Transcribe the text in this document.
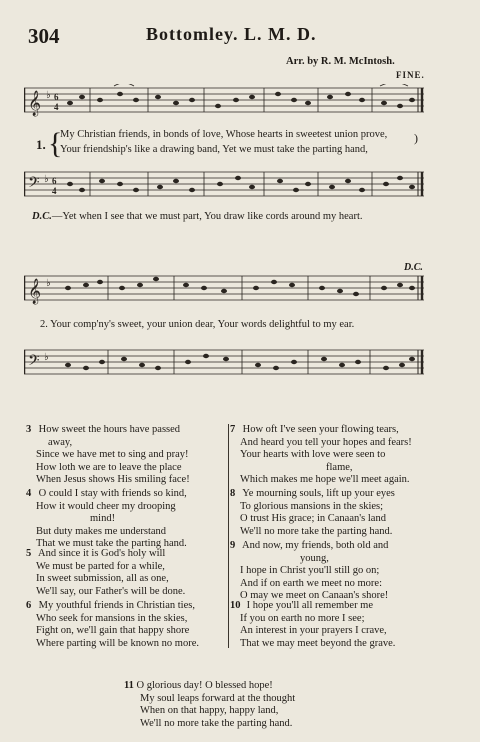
304	Bottomley. L. M. D.
Arr. by R. M. McIntosh.
FINE.
𝄞 ♭ 6
4
1. {
My Christian friends, in bonds of love, Whose hearts in sweetest union prove,
Your friendship's like a drawing band, Yet we must take the parting hand,
)
𝄢 ♭ 6
4
D.C.—Yet when I see that we must part, You draw like cords around my heart.
D.C.
𝄞 ♭
2. Your comp'ny's sweet, your union dear, Your words delightful to my ear.
𝄢 ♭
3 How sweet the hours have passed
away,
Since we have met to sing and pray!
How loth we are to leave the place
When Jesus shows His smiling face!
4 O could I stay with friends so kind,
How it would cheer my drooping
mind!
But duty makes me understand
That we must take the parting hand.
5 And since it is God's holy will
We must be parted for a while,
In sweet submission, all as one,
We'll say, our Father's will be done.
6 My youthful friends in Christian ties,
Who seek for mansions in the skies,
Fight on, we'll gain that happy shore
Where parting will be known no more.
7 How oft I've seen your flowing tears,
And heard you tell your hopes and fears!
Your hearts with love were seen to
flame,
Which makes me hope we'll meet again.
8 Ye mourning souls, lift up your eyes
To glorious mansions in the skies;
O trust His grace; in Canaan's land
We'll no more take the parting hand.
9 And now, my friends, both old and
young,
I hope in Christ you'll still go on;
And if on earth we meet no more:
O may we meet on Canaan's shore!
10 I hope you'll all remember me
If you on earth no more I see;
An interest in your prayers I crave,
That we may meet beyond the grave.
11 O glorious day! O blessed hope!
My soul leaps forward at the thought
When on that happy, happy land,
We'll no more take the parting hand.
